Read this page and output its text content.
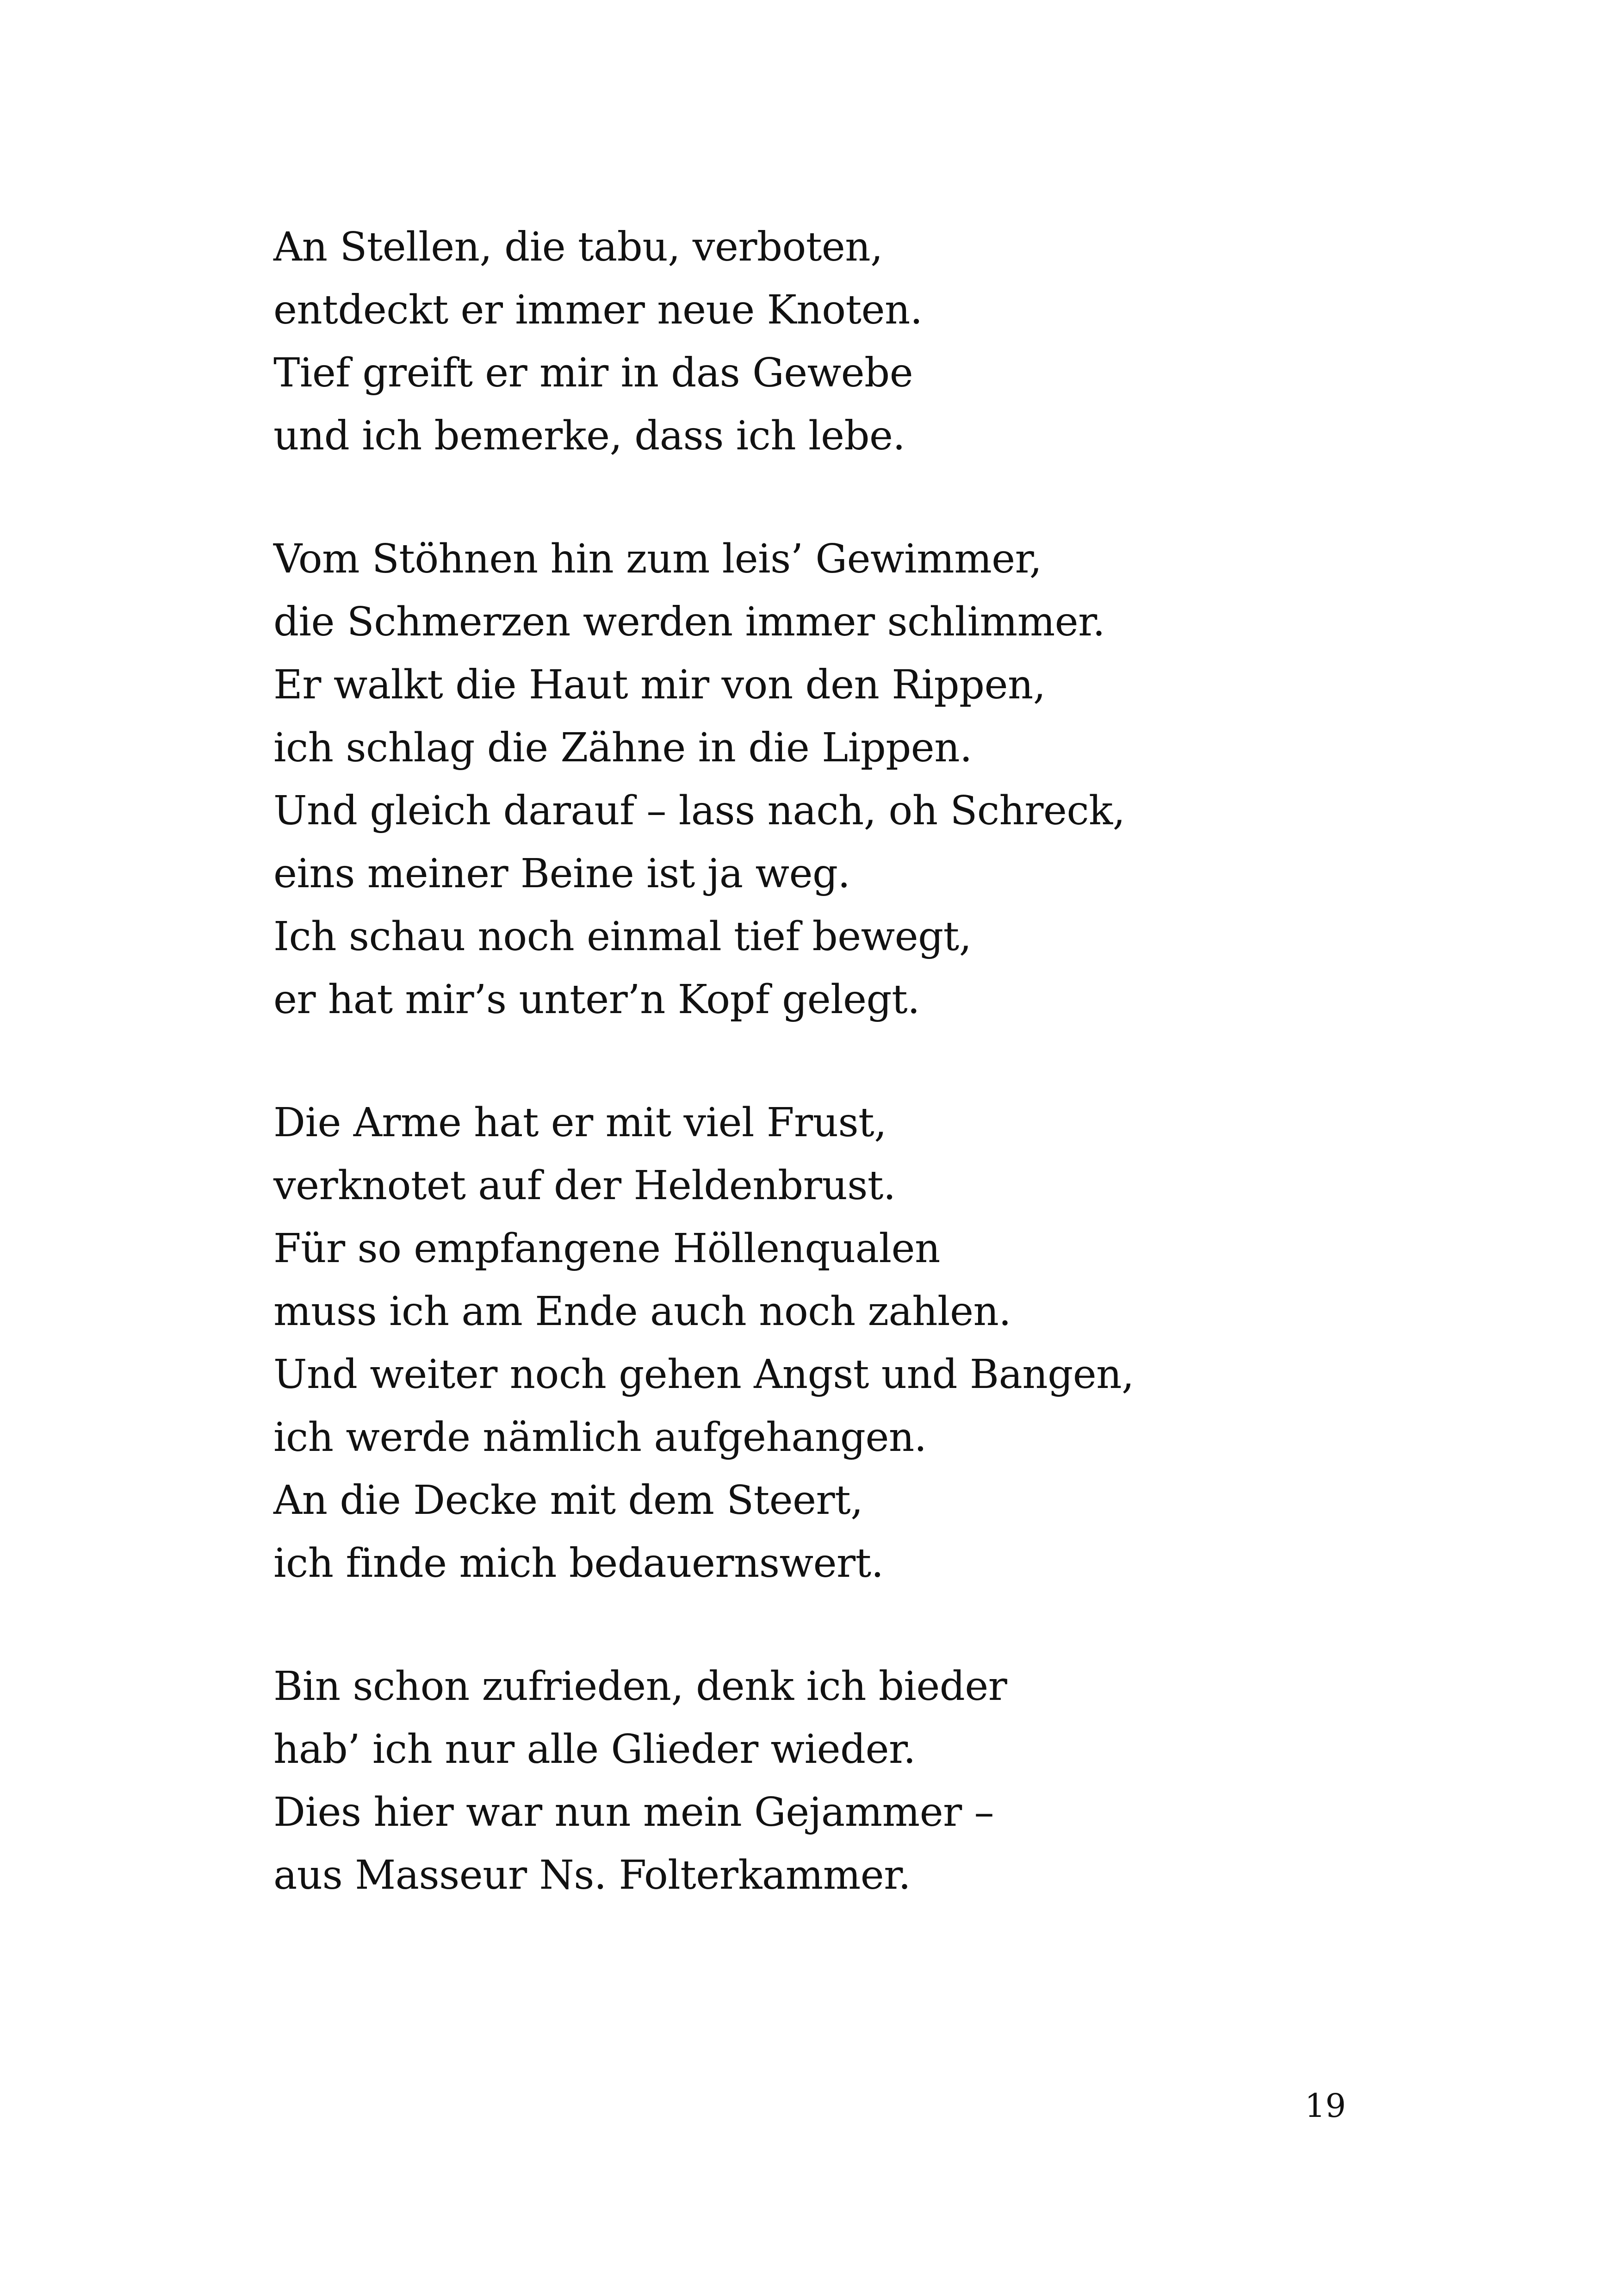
An Stellen, die tabu, verboten,
entdeckt er immer neue Knoten.
Tief greift er mir in das Gewebe
und ich bemerke, dass ich lebe.
Vom Stöhnen hin zum leis’ Gewimmer,
die Schmerzen werden immer schlimmer.
Er walkt die Haut mir von den Rippen,
ich schlag die Zähne in die Lippen.
Und gleich darauf – lass nach, oh Schreck,
eins meiner Beine ist ja weg.
Ich schau noch einmal tief bewegt,
er hat mir’s unter’n Kopf gelegt.
Die Arme hat er mit viel Frust,
verknotet auf der Heldenbrust.
Für so empfangene Höllenqualen
muss ich am Ende auch noch zahlen.
Und weiter noch gehen Angst und Bangen,
ich werde nämlich aufgehangen.
An die Decke mit dem Steert,
ich finde mich bedauernswert.
Bin schon zufrieden, denk ich bieder
hab’ ich nur alle Glieder wieder.
Dies hier war nun mein Gejammer –
aus Masseur Ns. Folterkammer.
19
